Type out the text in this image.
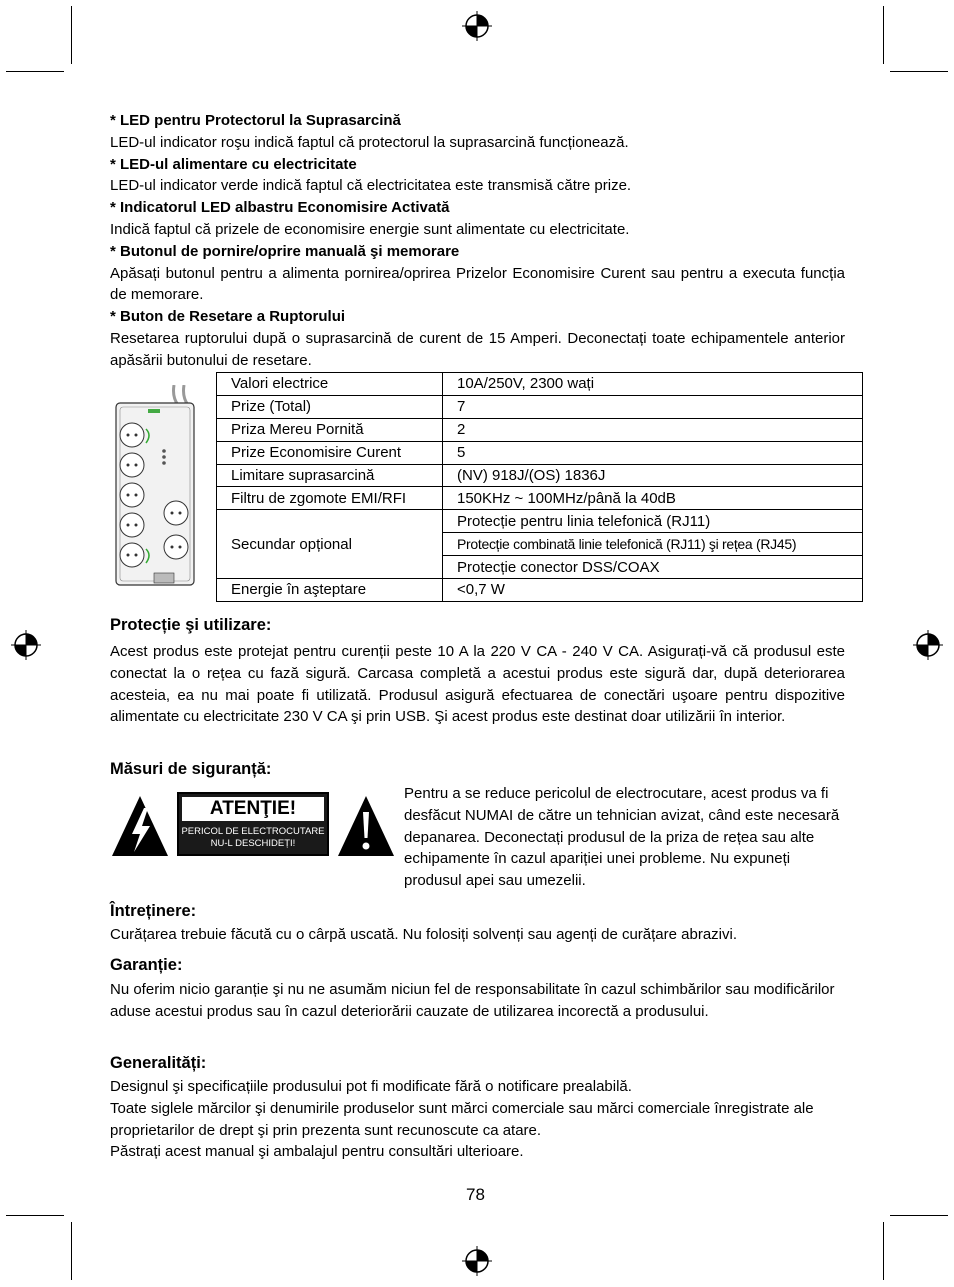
* LED pentru Protectorul la Suprasarcină

LED-ul indicator roşu indică faptul că protectorul la suprasarcină funcționează.

* LED-ul alimentare cu electricitate

LED-ul indicator verde indică faptul că electricitatea este transmisă către prize.

* Indicatorul LED albastru Economisire Activată

Indică faptul că prizele de economisire energie sunt alimentate cu electricitate.

* Butonul de pornire/oprire manuală şi memorare

Apăsați butonul pentru a alimenta pornirea/oprirea Prizelor Economisire Curent sau pentru a executa funcția de memorare.

* Buton de Resetare a Ruptorului

Resetarea ruptorului după o suprasarcină de curent de 15 Amperi. Deconectați toate echipamentele anterior apăsării butonului de resetare.

Valori electrice	10A/250V, 2300 wați
Prize (Total)	7
Priza Mereu Pornită	2
Prize Economisire Curent	5
Limitare suprasarcină	(NV) 918J/(OS) 1836J
Filtru de zgomote EMI/RFI	150KHz ~ 100MHz/până la 40dB
Secundar opțional	Protecție pentru linia telefonică (RJ11)
	Protecție combinată linie telefonică (RJ11) şi rețea (RJ45)
	Protecție conector DSS/COAX
Energie în aşteptare	<0,7 W
Protecție şi utilizare:
Acest produs este protejat pentru curenții peste 10 A la 220 V CA - 240 V CA. Asigurați-vă că produsul este conectat la o rețea cu fază sigură. Carcasa completă a acestui produs este sigură dar, după deteriorarea acesteia, ea nu mai poate fi utilizată. Produsul asigură efectuarea de conectări uşoare pentru dispozitive alimentate cu electricitate 230 V CA şi prin USB. Şi acest produs este destinat doar utilizării în interior.
Măsuri de siguranță:
ATENŢIE!
PERICOL DE ELECTROCUTARE
NU-L DESCHIDEȚI!
Pentru a se reduce pericolul de electrocutare, acest produs va fi desfăcut NUMAI de către un tehnician avizat, când este necesară depanarea. Deconectați produsul de la priza de rețea sau alte echipamente în cazul apariției unei probleme. Nu expuneți produsul apei sau umezelii.
Întreținere:
Curățarea trebuie făcută cu o cârpă uscată. Nu folosiți solvenți sau agenți de curățare abrazivi.
Garanție:
Nu oferim nicio garanție şi nu ne asumăm niciun fel de responsabilitate în cazul schimbărilor sau modificărilor aduse acestui produs sau în cazul deteriorării cauzate de utilizarea incorectă a produsului.
Generalități:

Designul şi specificațiile produsului pot fi modificate fără o notificare prealabilă.

Toate siglele mărcilor şi denumirile produselor sunt mărci comerciale sau mărci comerciale înregistrate ale proprietarilor de drept şi prin prezenta sunt recunoscute ca atare.

Păstrați acest manual şi ambalajul pentru consultări ulterioare.

78
